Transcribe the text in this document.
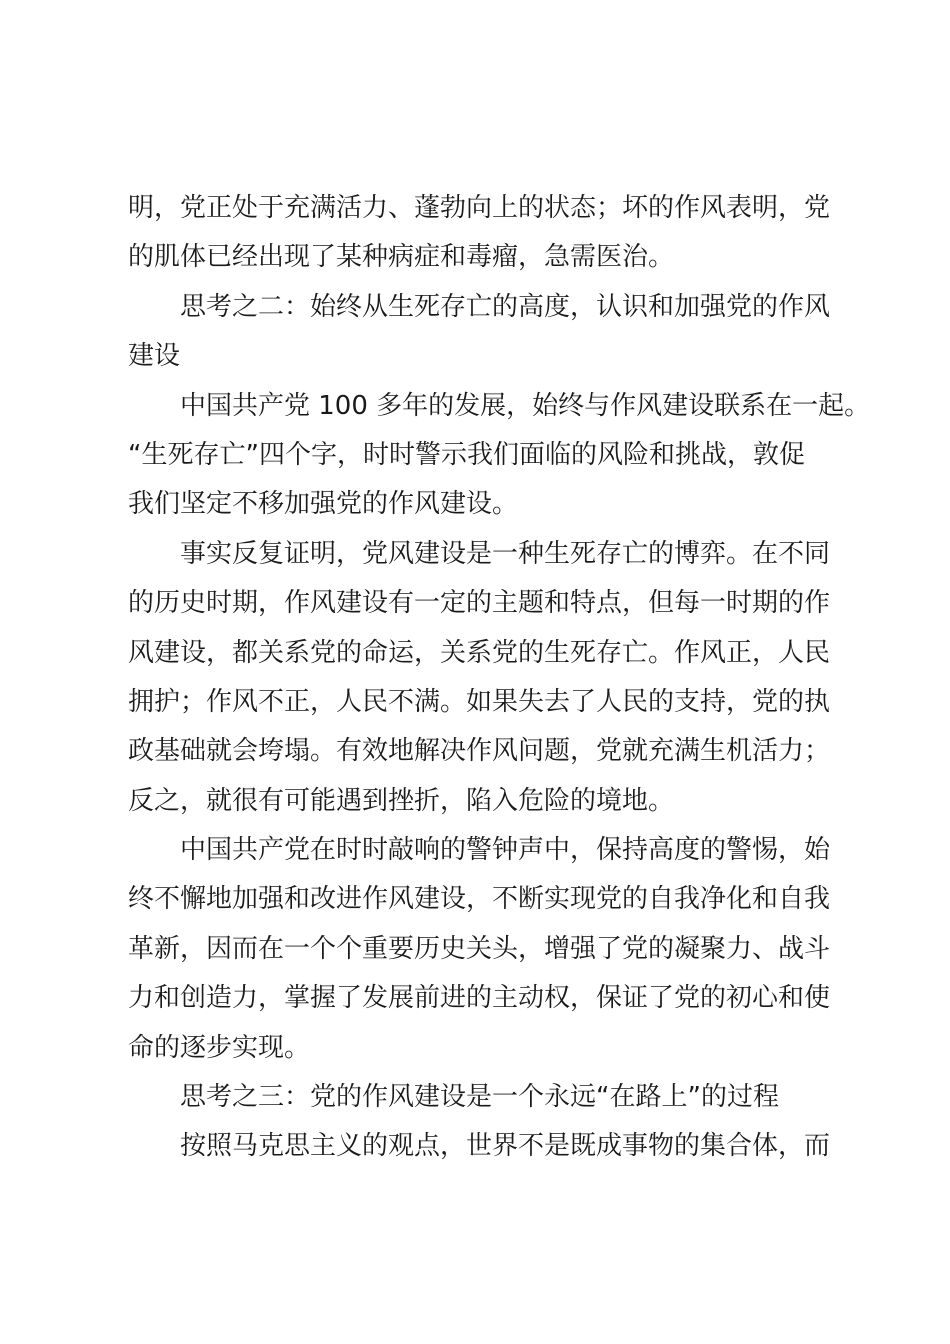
明，党正处于充满活力、蓬勃向上的状态；坏的作风表明，党
的肌体已经出现了某种病症和毒瘤，急需医治。
思考之二：始终从生死存亡的高度，认识和加强党的作风
建设
中国共产党 100 多年的发展，始终与作风建设联系在一起。
“生死存亡”四个字，时时警示我们面临的风险和挑战，敦促
我们坚定不移加强党的作风建设。
事实反复证明，党风建设是一种生死存亡的博弈。在不同
的历史时期，作风建设有一定的主题和特点，但每一时期的作
风建设，都关系党的命运，关系党的生死存亡。作风正，人民
拥护；作风不正，人民不满。如果失去了人民的支持，党的执
政基础就会垮塌。有效地解决作风问题，党就充满生机活力；
反之，就很有可能遇到挫折，陷入危险的境地。
中国共产党在时时敲响的警钟声中，保持高度的警惕，始
终不懈地加强和改进作风建设，不断实现党的自我净化和自我
革新，因而在一个个重要历史关头，增强了党的凝聚力、战斗
力和创造力，掌握了发展前进的主动权，保证了党的初心和使
命的逐步实现。
思考之三：党的作风建设是一个永远“在路上”的过程
按照马克思主义的观点，世界不是既成事物的集合体，而
